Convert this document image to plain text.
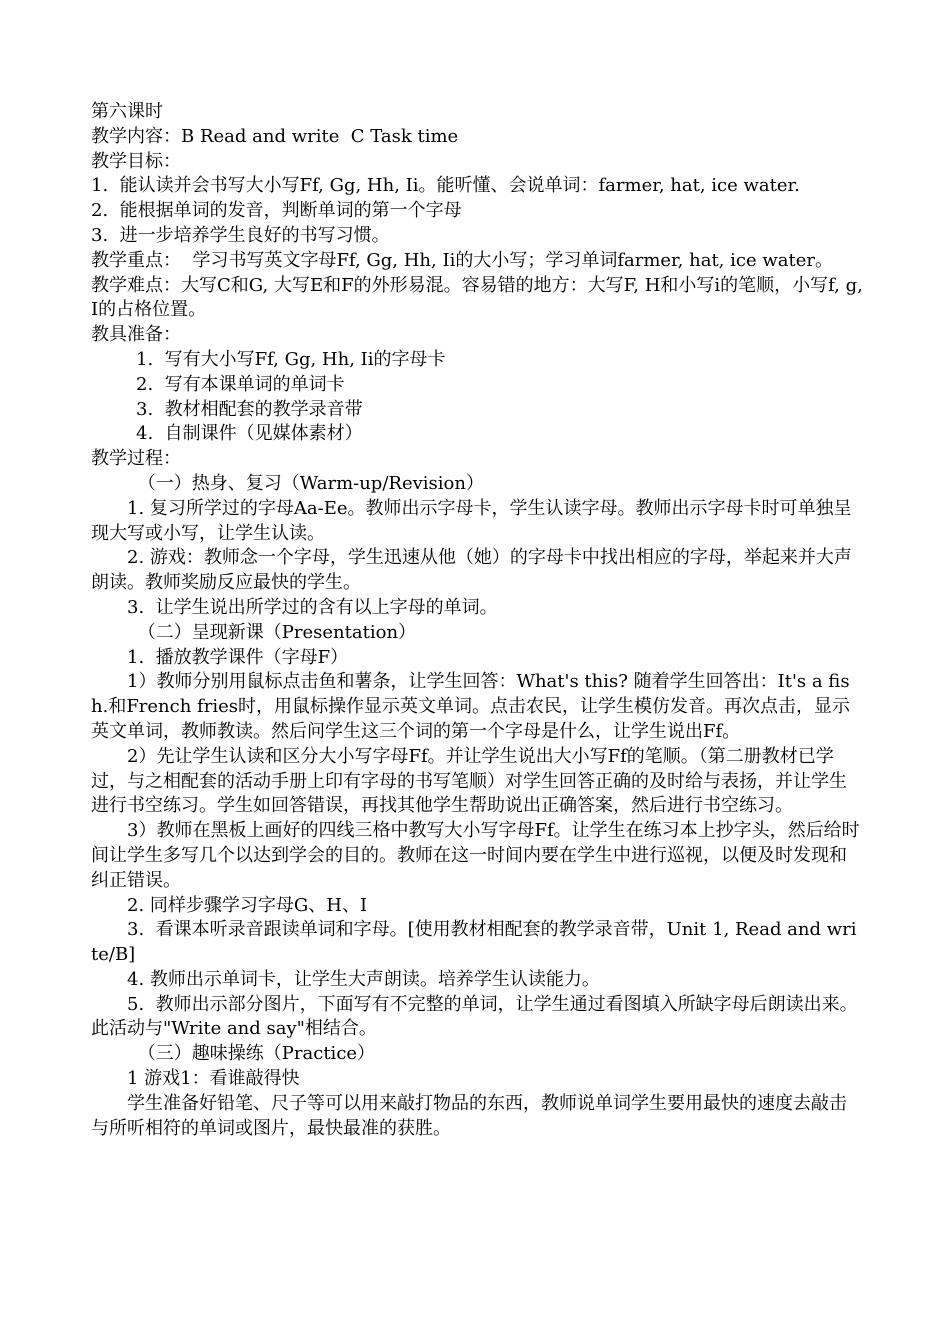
第六课时
教学内容：B Read and write  C Task time
教学目标：
1.  能认读并会书写大小写Ff, Gg, Hh, Ii。能听懂、会说单词：farmer, hat, ice water.
2.  能根据单词的发音，判断单词的第一个字母
3.  进一步培养学生良好的书写习惯。
教学重点：  学习书写英文字母Ff, Gg, Hh, Ii的大小写；学习单词farmer, hat, ice water。
教学难点：大写C和G, 大写E和F的外形易混。容易错的地方：大写F, H和小写i的笔顺，小写f, g, I的占格位置。
教具准备：
1.  写有大小写Ff, Gg, Hh, Ii的字母卡
2.  写有本课单词的单词卡
3.  教材相配套的教学录音带
4.  自制课件（见媒体素材）
教学过程：
（一）热身、复习（Warm-up/Revision）
1. 复习所学过的字母Aa-Ee。教师出示字母卡，学生认读字母。教师出示字母卡时可单独呈现大写或小写，让学生认读。
2. 游戏：教师念一个字母，学生迅速从他（她）的字母卡中找出相应的字母，举起来并大声朗读。教师奖励反应最快的学生。
3.  让学生说出所学过的含有以上字母的单词。
（二）呈现新课（Presentation）
1.  播放教学课件（字母F）
1）教师分别用鼠标点击鱼和薯条，让学生回答：What's this? 随着学生回答出：It's a fish.和French fries时，用鼠标操作显示英文单词。点击农民，让学生模仿发音。再次点击，显示英文单词，教师教读。然后问学生这三个词的第一个字母是什么，让学生说出Ff。
2）先让学生认读和区分大小写字母Ff。并让学生说出大小写Ff的笔顺。（第二册教材已学过，与之相配套的活动手册上印有字母的书写笔顺）对学生回答正确的及时给与表扬，并让学生进行书空练习。学生如回答错误，再找其他学生帮助说出正确答案，然后进行书空练习。
3）教师在黑板上画好的四线三格中教写大小写字母Ff。让学生在练习本上抄字头，然后给时间让学生多写几个以达到学会的目的。教师在这一时间内要在学生中进行巡视，以便及时发现和纠正错误。
2. 同样步骤学习字母G、H、I
3.  看课本听录音跟读单词和字母。[使用教材相配套的教学录音带，Unit 1, Read and write/B]
4. 教师出示单词卡，让学生大声朗读。培养学生认读能力。
5.  教师出示部分图片，下面写有不完整的单词，让学生通过看图填入所缺字母后朗读出来。此活动与"Write and say"相结合。
（三）趣味操练（Practice）
1 游戏1：看谁敲得快
学生准备好铅笔、尺子等可以用来敲打物品的东西，教师说单词学生要用最快的速度去敲击与所听相符的单词或图片，最快最准的获胜。
